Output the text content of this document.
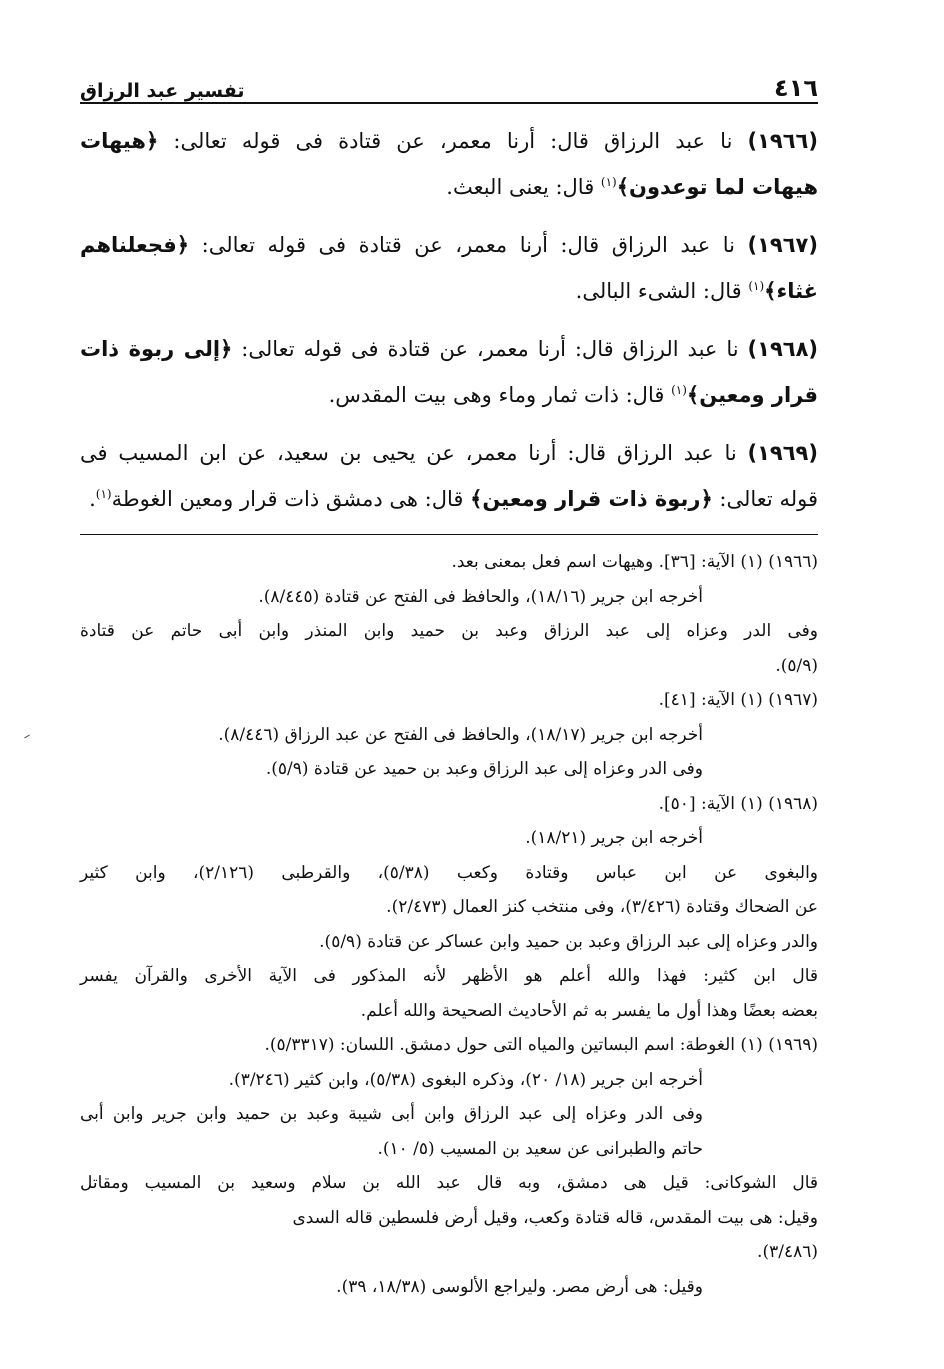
٤١٦
تفسير عبد الرزاق
(١٩٦٦) نا عبد الرزاق قال: أرنا معمر، عن قتادة فى قوله تعالى: ﴿هيهات
هيهات لما توعدون﴾$^{(١)}$ قال: يعنى البعث.
(١٩٦٧) نا عبد الرزاق قال: أرنا معمر، عن قتادة فى قوله تعالى: ﴿فجعلناهم
غثاء﴾$^{(١)}$ قال: الشىء البالى.
(١٩٦٨) نا عبد الرزاق قال: أرنا معمر، عن قتادة فى قوله تعالى: ﴿إلى ربوة ذات
قرار ومعين﴾$^{(١)}$ قال: ذات ثمار وماء وهى بيت المقدس.
(١٩٦٩) نا عبد الرزاق قال: أرنا معمر، عن يحيى بن سعيد، عن ابن المسيب فى
قوله تعالى: ﴿ربوة ذات قرار ومعين﴾ قال: هى دمشق ذات قرار ومعين الغوطة$^{(١)}$.
(١٩٦٦) (١) الآية: [٣٦]. وهيهات اسم فعل بمعنى بعد.
أخرجه ابن جرير (١٨/١٦)، والحافظ فى الفتح عن قتادة (٨/٤٤٥).
وفى الدر وعزاه إلى عبد الرزاق وعبد بن حميد وابن المنذر وابن أبى حاتم عن قتادة
(٥/٩).
(١٩٦٧) (١) الآية: [٤١].
أخرجه ابن جرير (١٨/١٧)، والحافظ فى الفتح عن عبد الرزاق (٨/٤٤٦).
وفى الدر وعزاه إلى عبد الرزاق وعبد بن حميد عن قتادة (٥/٩).
(١٩٦٨) (١) الآية: [٥٠].
أخرجه ابن جرير (١٨/٢١).
والبغوى عن ابن عباس وقتادة وكعب (٥/٣٨)، والقرطبى (٢/١٢٦)، وابن كثير
عن الضحاك وقتادة (٣/٤٢٦)، وفى منتخب كنز العمال (٢/٤٧٣).
والدر وعزاه إلى عبد الرزاق وعبد بن حميد وابن عساكر عن قتادة (٥/٩).
قال ابن كثير: فهذا والله أعلم هو الأظهر لأنه المذكور فى الآية الأخرى والقرآن يفسر
بعضه بعضًا وهذا أول ما يفسر به ثم الأحاديث الصحيحة والله أعلم.
(١٩٦٩) (١) الغوطة: اسم البساتين والمياه التى حول دمشق. اللسان: (٥/٣٣١٧).
أخرجه ابن جرير (١٨/ ٢٠)، وذكره البغوى (٥/٣٨)، وابن كثير (٣/٢٤٦).
وفى الدر وعزاه إلى عبد الرزاق وابن أبى شيبة وعبد بن حميد وابن جرير وابن أبى
حاتم والطبرانى عن سعيد بن المسيب (٥/ ١٠).
قال الشوكانى: قيل هى دمشق، وبه قال عبد الله بن سلام وسعيد بن المسيب ومقاتل
وقيل: هى بيت المقدس، قاله قتادة وكعب، وقيل أرض فلسطين قاله السدى
(٣/٤٨٦).
وقيل: هى أرض مصر. وليراجع الألوسى (١٨/٣٨، ٣٩).
